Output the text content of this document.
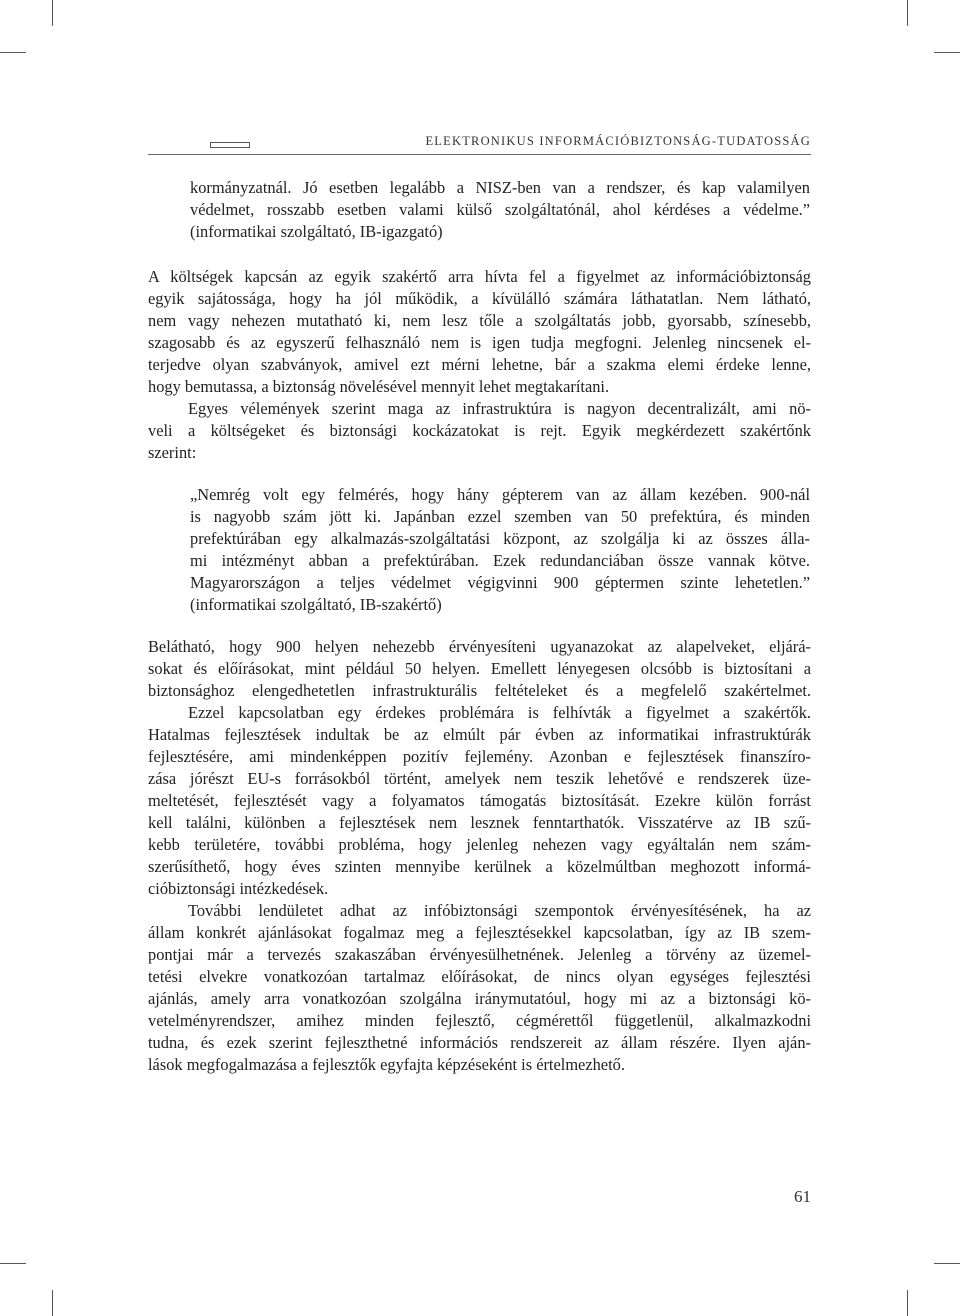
ELEKTRONIKUS INFORMÁCIÓBIZTONSÁG-TUDATOSSÁG
kormányzatnál. Jó esetben legalább a NISZ-ben van a rendszer, és kap valamilyen
védelmet, rosszabb esetben valami külső szolgáltatónál, ahol kérdéses a védelme.”
(informatikai szolgáltató, IB-igazgató)
A költségek kapcsán az egyik szakértő arra hívta fel a figyelmet az információbiztonság
egyik sajátossága, hogy ha jól működik, a kívülálló számára láthatatlan. Nem látható,
nem vagy nehezen mutatható ki, nem lesz tőle a szolgáltatás jobb, gyorsabb, színesebb,
szagosabb és az egyszerű felhasználó nem is igen tudja megfogni. Jelenleg nincsenek el-
terjedve olyan szabványok, amivel ezt mérni lehetne, bár a szakma elemi érdeke lenne,
hogy bemutassa, a biztonság növelésével mennyit lehet megtakarítani.
Egyes vélemények szerint maga az infrastruktúra is nagyon decentralizált, ami nö-
veli a költségeket és biztonsági kockázatokat is rejt. Egyik megkérdezett szakértőnk
szerint:
„Nemrég volt egy felmérés, hogy hány gépterem van az állam kezében. 900-nál
is nagyobb szám jött ki. Japánban ezzel szemben van 50 prefektúra, és minden
prefektúrában egy alkalmazás-szolgáltatási központ, az szolgálja ki az összes álla-
mi intézményt abban a prefektúrában. Ezek redundanciában össze vannak kötve.
Magyarországon a teljes védelmet végigvinni 900 géptermen szinte lehetetlen.”
(informatikai szolgáltató, IB-szakértő)
Belátható, hogy 900 helyen nehezebb érvényesíteni ugyanazokat az alapelveket, eljárá-
sokat és előírásokat, mint például 50 helyen. Emellett lényegesen olcsóbb is biztosítani a
biztonsághoz elengedhetetlen infrastrukturális feltételeket és a megfelelő szakértelmet.
Ezzel kapcsolatban egy érdekes problémára is felhívták a figyelmet a szakértők.
Hatalmas fejlesztések indultak be az elmúlt pár évben az informatikai infrastruktúrák
fejlesztésére, ami mindenképpen pozitív fejlemény. Azonban e fejlesztések finanszíro-
zása jórészt EU-s forrásokból történt, amelyek nem teszik lehetővé e rendszerek üze-
meltetését, fejlesztését vagy a folyamatos támogatás biztosítását. Ezekre külön forrást
kell találni, különben a fejlesztések nem lesznek fenntarthatók. Visszatérve az IB szű-
kebb területére, további probléma, hogy jelenleg nehezen vagy egyáltalán nem szám-
szerűsíthető, hogy éves szinten mennyibe kerülnek a közelmúltban meghozott informá-
cióbiztonsági intézkedések.
További lendületet adhat az infóbiztonsági szempontok érvényesítésének, ha az
állam konkrét ajánlásokat fogalmaz meg a fejlesztésekkel kapcsolatban, így az IB szem-
pontjai már a tervezés szakaszában érvényesülhetnének. Jelenleg a törvény az üzemel-
tetési elvekre vonatkozóan tartalmaz előírásokat, de nincs olyan egységes fejlesztési
ajánlás, amely arra vonatkozóan szolgálna iránymutatóul, hogy mi az a biztonsági kö-
vetelményrendszer, amihez minden fejlesztő, cégmérettől függetlenül, alkalmazkodni
tudna, és ezek szerint fejleszthetné információs rendszereit az állam részére. Ilyen aján-
lások megfogalmazása a fejlesztők egyfajta képzéseként is értelmezhető.
61
